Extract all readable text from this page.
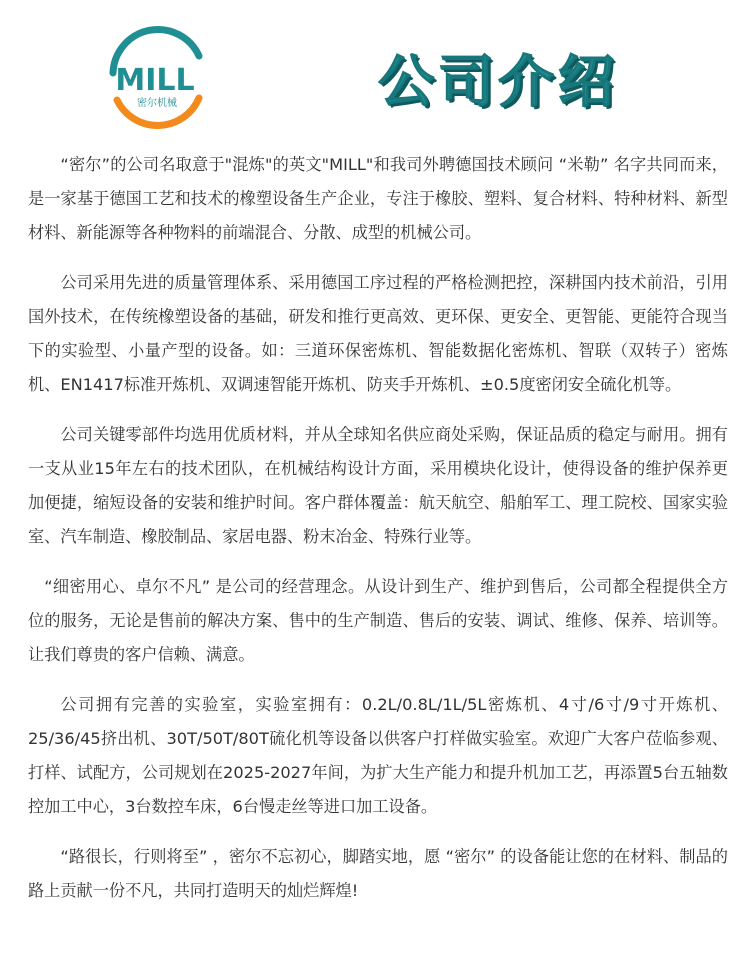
MILL
密尔机械	公司介绍

“密尔”的公司名取意于"混炼"的英文"MILL"和我司外聘德国技术顾问 “米勒” 名字共同而来，是一家基于德国工艺和技术的橡塑设备生产企业，专注于橡胶、塑料、复合材料、特种材料、新型材料、新能源等各种物料的前端混合、分散、成型的机械公司。

公司采用先进的质量管理体系、采用德国工序过程的严格检测把控，深耕国内技术前沿，引用国外技术，在传统橡塑设备的基础，研发和推行更高效、更环保、更安全、更智能、更能符合现当下的实验型、小量产型的设备。如：三道环保密炼机、智能数据化密炼机、智联（双转子）密炼机、EN1417标准开炼机、双调速智能开炼机、防夹手开炼机、±0.5度密闭安全硫化机等。

公司关键零部件均选用优质材料，并从全球知名供应商处采购，保证品质的稳定与耐用。拥有一支从业15年左右的技术团队，在机械结构设计方面，采用模块化设计，使得设备的维护保养更加便捷，缩短设备的安装和维护时间。客户群体覆盖：航天航空、船舶军工、理工院校、国家实验室、汽车制造、橡胶制品、家居电器、粉末冶金、特殊行业等。

“细密用心、卓尔不凡” 是公司的经营理念。从设计到生产、维护到售后，公司都全程提供全方位的服务，无论是售前的解决方案、售中的生产制造、售后的安装、调试、维修、保养、培训等。让我们尊贵的客户信赖、满意。

公司拥有完善的实验室，实验室拥有：0.2L/0.8L/1L/5L密炼机、4寸/6寸/9寸开炼机、25/36/45挤出机、30T/50T/80T硫化机等设备以供客户打样做实验室。欢迎广大客户莅临参观、打样、试配方，公司规划在2025-2027年间，为扩大生产能力和提升机加工艺，再添置5台五轴数控加工中心，3台数控车床，6台慢走丝等进口加工设备。

“路很长，行则将至” ，密尔不忘初心，脚踏实地，愿 “密尔” 的设备能让您的在材料、制品的路上贡献一份不凡，共同打造明天的灿烂辉煌!
